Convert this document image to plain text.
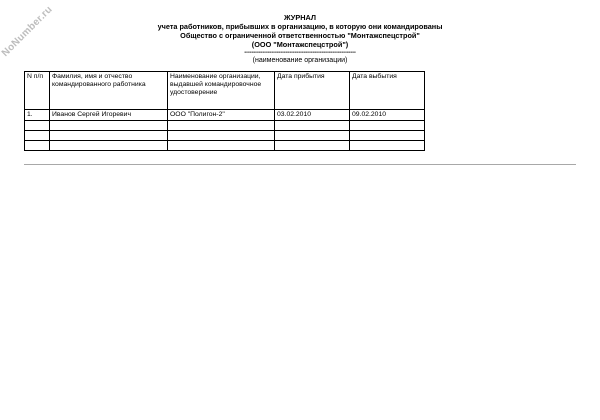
NoNumber.ru	ЖУРНАЛ
учета работников, прибывших в организацию, в которую они командированы
Общество с ограниченной ответственностью "Монтажспецстрой"
(ООО "Монтажспецстрой")
--------------------------------------------------------------
(наименование организации)
N п/п	Фамилия, имя и отчество командированного работника	Наименование организации, выдавшей командировочное удостоверение	Дата прибытия	Дата выбытия
1.	Иванов Сергей Игоревич	ООО "Полигон-2"	03.02.2010	09.02.2010
